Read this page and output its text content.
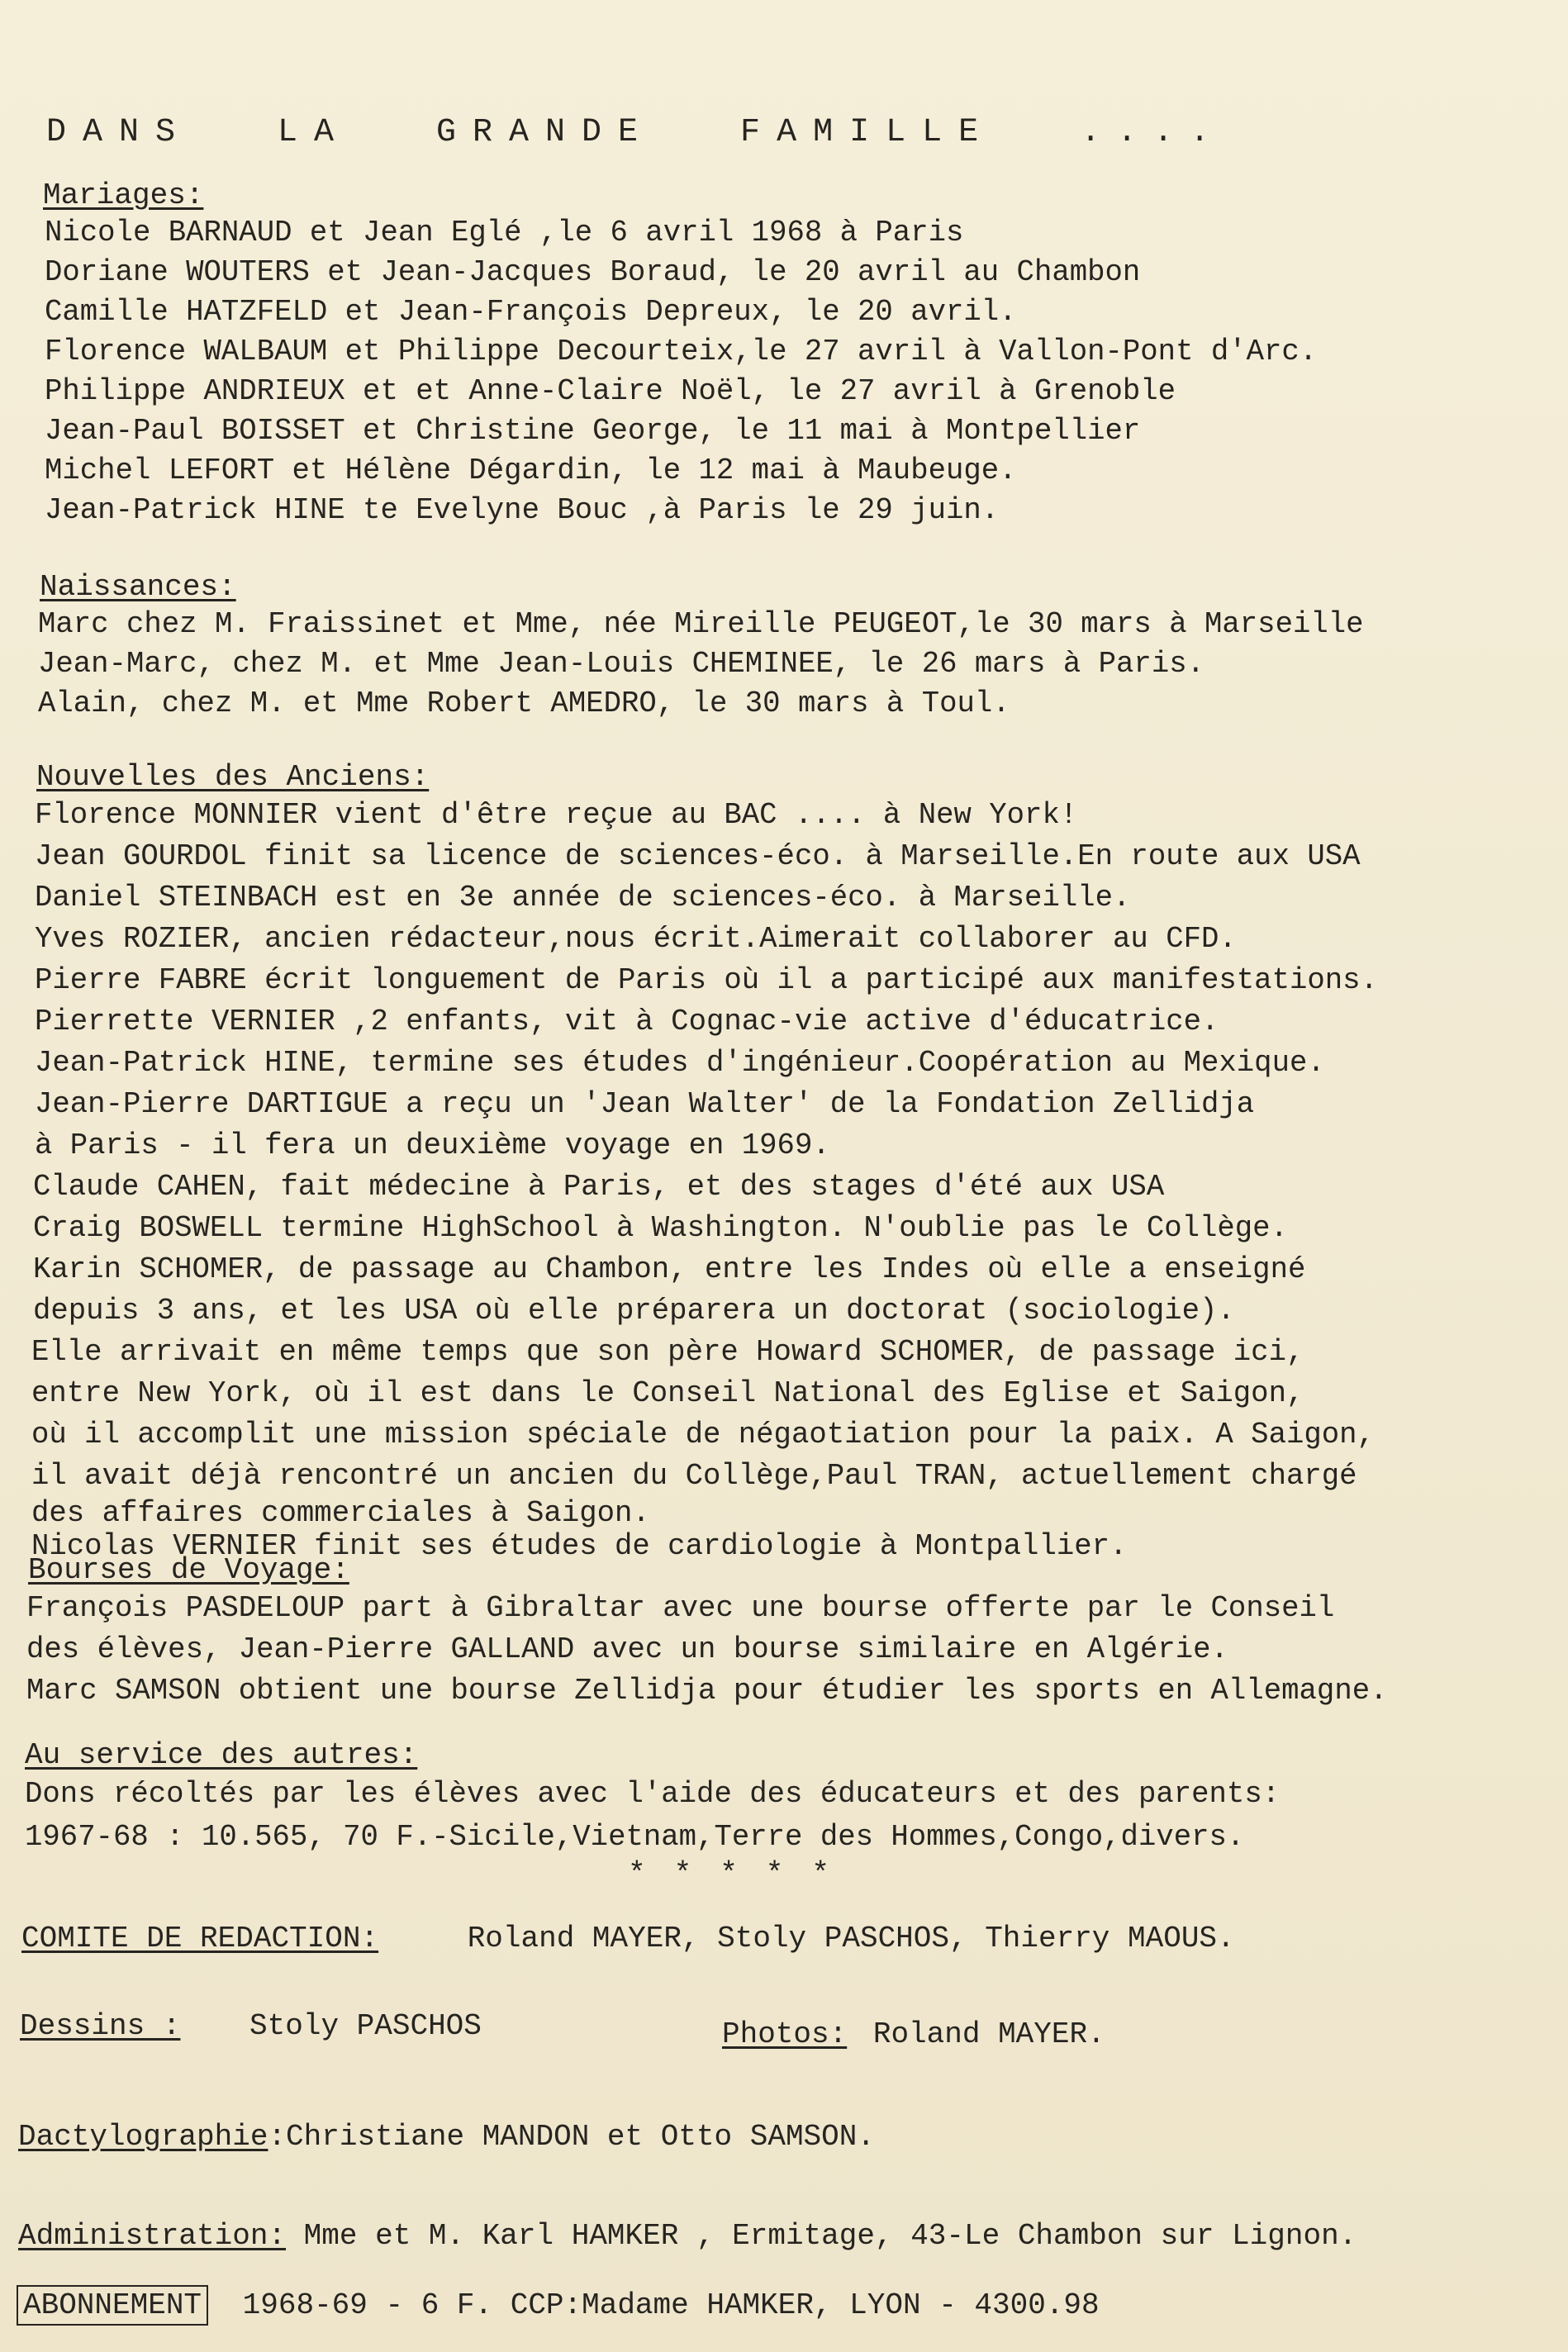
DANS LA GRANDE FAMILLE ....
Mariages:
Nicole BARNAUD et Jean Eglé ,le 6 avril 1968 à Paris
Doriane WOUTERS et Jean-Jacques Boraud, le 20 avril au Chambon
Camille HATZFELD et Jean-François Depreux, le 20 avril.
Florence WALBAUM et Philippe Decourteix,le 27 avril à Vallon-Pont d'Arc.
Philippe ANDRIEUX et et Anne-Claire Noël, le 27 avril à Grenoble
Jean-Paul BOISSET et Christine George, le 11 mai à Montpellier
Michel LEFORT et Hélène Dégardin, le 12 mai à Maubeuge.
Jean-Patrick HINE te Evelyne Bouc ,à Paris le 29 juin.
Naissances:
Marc chez M. Fraissinet et Mme, née Mireille PEUGEOT,le 30 mars à Marseille
Jean-Marc, chez M. et Mme Jean-Louis CHEMINEE, le 26 mars à Paris.
Alain, chez M. et Mme Robert AMEDRO, le 30 mars à Toul.
Nouvelles des Anciens:
Florence MONNIER vient d'être reçue au BAC .... à New York!
Jean GOURDOL finit sa licence de sciences-éco. à Marseille.En route aux USA
Daniel STEINBACH est en 3e année de sciences-éco. à Marseille.
Yves ROZIER, ancien rédacteur,nous écrit.Aimerait collaborer au CFD.
Pierre FABRE écrit longuement de Paris où il a participé aux manifestations.
Pierrette VERNIER ,2 enfants, vit à Cognac-vie active d'éducatrice.
Jean-Patrick HINE, termine ses études d'ingénieur.Coopération au Mexique.
Jean-Pierre DARTIGUE a reçu un 'Jean Walter' de la Fondation Zellidja
à Paris - il fera un deuxième voyage en 1969.
Claude CAHEN, fait médecine à Paris, et des stages d'été aux USA
Craig BOSWELL termine HighSchool à Washington. N'oublie pas le Collège.
Karin SCHOMER, de passage au Chambon, entre les Indes où elle a enseigné
depuis 3 ans, et les USA où elle préparera un doctorat (sociologie).
Elle arrivait en même temps que son père Howard SCHOMER, de passage ici,
entre New York, où il est dans le Conseil National des Eglise et Saigon,
où il accomplit une mission spéciale de négaotiation pour la paix. A Saigon,
il avait déjà rencontré un ancien du Collège,Paul TRAN, actuellement chargé
des affaires commerciales à Saigon.
Nicolas VERNIER finit ses études de cardiologie à Montpallier.
Bourses de Voyage:
François PASDELOUP part à Gibraltar avec une bourse offerte par le Conseil
des élèves, Jean-Pierre GALLAND avec un bourse similaire en Algérie.
Marc SAMSON obtient une bourse Zellidja pour étudier les sports en Allemagne.
Au service des autres:
Dons récoltés par les élèves avec l'aide des éducateurs et des parents:
1967-68 : 10.565, 70 F.-Sicile,Vietnam,Terre des Hommes,Congo,divers.
*****
COMITE DE REDACTION:	Roland MAYER, Stoly PASCHOS, Thierry MAOUS.
Dessins : Stoly PASCHOS	Photos: Roland MAYER.
Dactylographie:Christiane MANDON et Otto SAMSON.
Administration: Mme et M. Karl HAMKER , Ermitage, 43-Le Chambon sur Lignon.
ABONNEMENT 1968-69 - 6 F. CCP:Madame HAMKER, LYON - 4300.98
